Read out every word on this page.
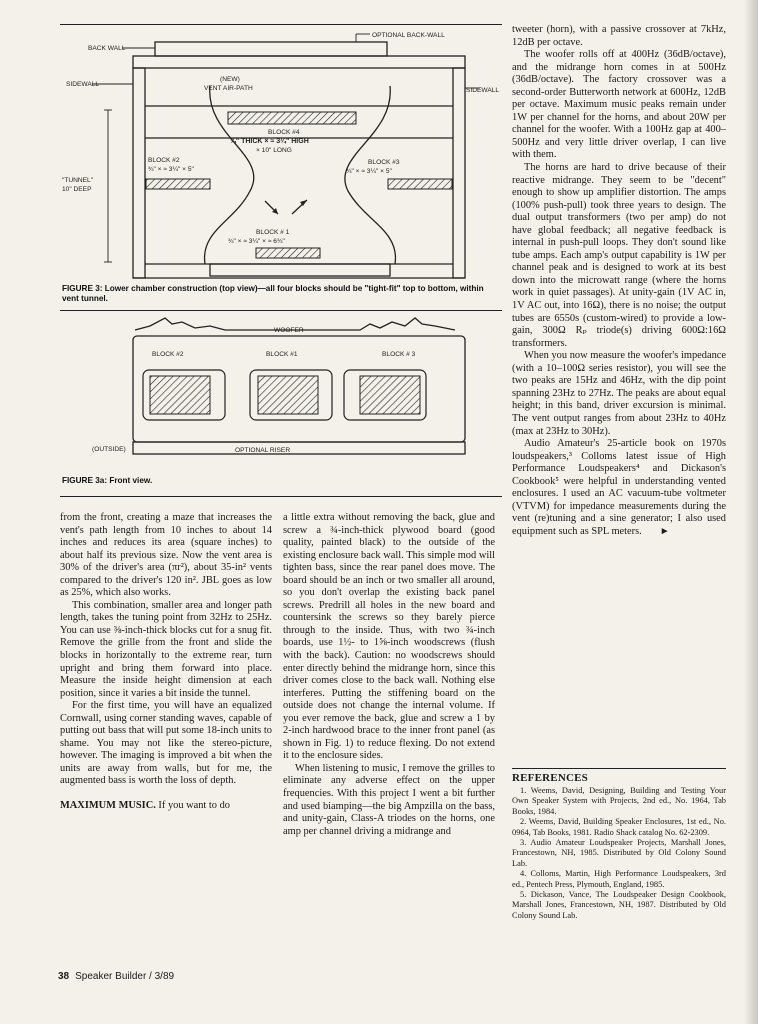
OPTIONAL BACK-WALL
BACK WALL
SIDEWALL
SIDEWALL
(NEW)
VENT AIR-PATH
BLOCK #4
¾" THICK × ≈ 3¼" HIGH
× 10" LONG
BLOCK #2
¾" × ≈ 3¼" × 5"
BLOCK #3
¾" × ≈ 3¼" × 5"
BLOCK # 1
¾" × ≈ 3¼" × ≈ 6¾"
"TUNNEL"
10" DEEP
FIGURE 3: Lower chamber construction (top view)—all four blocks should be "tight-fit" top to bottom, within vent tunnel.
WOOFER
BLOCK #2	BLOCK #1	BLOCK # 3
(OUTSIDE)	OPTIONAL RISER
FIGURE 3a: Front view.

from the front, creating a maze that increases the vent's path length from 10 inches to about 14 inches and reduces its area (square inches) to about half its previous size. Now the vent area is 30% of the driver's area (πr²), about 35-in² vents compared to the driver's 120 in². JBL goes as low as 25%, which also works.

This combination, smaller area and longer path length, takes the tuning point from 32Hz to 25Hz. You can use ⅜-inch-thick blocks cut for a snug fit. Remove the grille from the front and slide the blocks in horizontally to the extreme rear, turn upright and bring them forward into place. Measure the inside height dimension at each position, since it varies a bit inside the tunnel.

For the first time, you will have an equalized Cornwall, using corner standing waves, capable of putting out bass that will put some 18-inch units to shame. You may not like the stereo-picture, however. The imaging is improved a bit when the units are away from walls, but for me, the augmented bass is worth the loss of depth.

MAXIMUM MUSIC. If you want to do

a little extra without removing the back, glue and screw a ¾-inch-thick plywood board (good quality, painted black) to the outside of the existing enclosure back wall. This simple mod will tighten bass, since the rear panel does move. The board should be an inch or two smaller all around, so you don't overlap the existing back panel screws. Predrill all holes in the new board and countersink the screws so they barely pierce through to the inside. Thus, with two ¾-inch boards, use 1½- to 1⅝-inch woodscrews (flush with the back). Caution: no woodscrews should enter directly behind the midrange horn, since this driver comes close to the back wall. Nothing else interferes. Putting the stiffening board on the outside does not change the internal volume. If you ever remove the back, glue and screw a 1 by 2-inch hardwood brace to the inner front panel (as shown in Fig. 1) to reduce flexing. Do not extend it to the enclosure sides.

When listening to music, I remove the grilles to eliminate any adverse effect on the upper frequencies. With this project I went a bit further and used biamping—the big Ampzilla on the bass, and unity-gain, Class-A triodes on the horns, one amp per channel driving a midrange and

tweeter (horn), with a passive crossover at 7kHz, 12dB per octave.

The woofer rolls off at 400Hz (36dB/octave), and the midrange horn comes in at 500Hz (36dB/octave). The factory crossover was a second-order Butterworth network at 600Hz, 12dB per octave. Maximum music peaks remain under 1W per channel for the horns, and about 20W per channel for the woofer. With a 100Hz gap at 400–500Hz and very little driver overlap, I can live with them.

The horns are hard to drive because of their reactive midrange. They seem to be "decent" enough to show up amplifier distortion. The amps (100% push-pull) took three years to design. The dual output transformers (two per amp) do not have global feedback; all negative feedback is internal in push-pull loops. They don't sound like tube amps. Each amp's output capability is 1W per channel peak and is designed to work at its best down into the microwatt range (where the horns work in quiet passages). At unity-gain (1V AC in, 1V AC out, into 16Ω), there is no noise; the output tubes are 6550s (custom-wired) to provide a low-gain, 300Ω Rₚ triode(s) driving 600Ω:16Ω transformers.

When you now measure the woofer's impedance (with a 10–100Ω series resistor), you will see the two peaks are 15Hz and 46Hz, with the dip point spanning 23Hz to 27Hz. The peaks are about equal height; in this band, driver excursion is minimal. The vent output ranges from about 23Hz to 40Hz (max at 23Hz to 30Hz).

Audio Amateur's 25-article book on 1970s loudspeakers,³ Colloms latest issue of High Performance Loudspeakers⁴ and Dickason's Cookbook⁵ were helpful in understanding vented enclosures. I used an AC vacuum-tube voltmeter (VTVM) for impedance measurements during the vent (re)tuning and a sine generator; I also used equipment such as SPL meters. ►

REFERENCES

1. Weems, David, Designing, Building and Testing Your Own Speaker System with Projects, 2nd ed., No. 1964, Tab Books, 1984.

2. Weems, David, Building Speaker Enclosures, 1st ed., No. 0964, Tab Books, 1981. Radio Shack catalog No. 62-2309.

3. Audio Amateur Loudspeaker Projects, Marshall Jones, Francestown, NH, 1985. Distributed by Old Colony Sound Lab.

4. Colloms, Martin, High Performance Loudspeakers, 3rd ed., Pentech Press, Plymouth, England, 1985.

5. Dickason, Vance, The Loudspeaker Design Cookbook, Marshall Jones, Francestown, NH, 1987. Distributed by Old Colony Sound Lab.

38 Speaker Builder / 3/89
